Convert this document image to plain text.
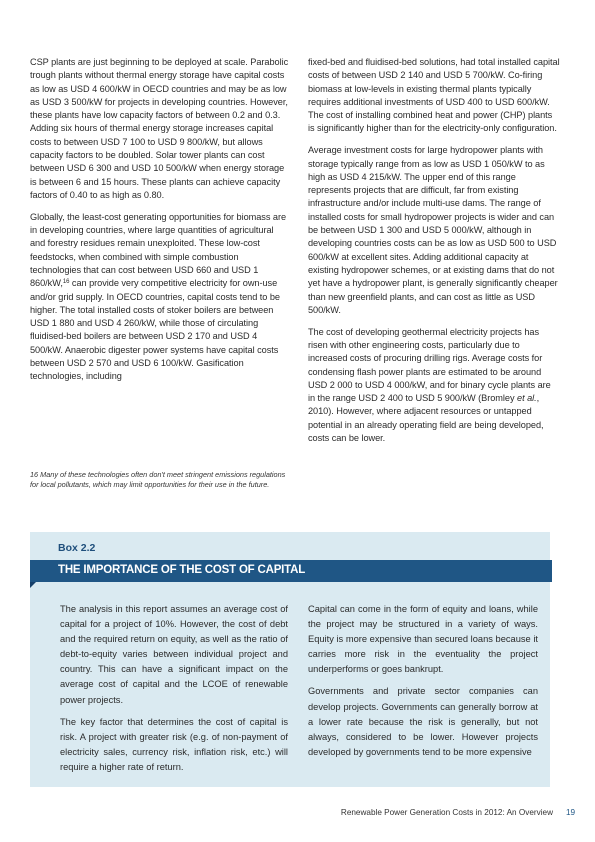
CSP plants are just beginning to be deployed at scale. Parabolic trough plants without thermal energy storage have capital costs as low as USD 4 600/kW in OECD countries and may be as low as USD 3 500/kW for projects in developing countries. However, these plants have low capacity factors of between 0.2 and 0.3. Adding six hours of thermal energy storage increases capital costs to between USD 7 100 to USD 9 800/kW, but allows capacity factors to be doubled. Solar tower plants can cost between USD 6 300 and USD 10 500/kW when energy storage is between 6 and 15 hours. These plants can achieve capacity factors of 0.40 to as high as 0.80.

Globally, the least-cost generating opportunities for biomass are in developing countries, where large quantities of agricultural and forestry residues remain unexploited. These low-cost feedstocks, when combined with simple combustion technologies that can cost between USD 660 and USD 1 860/kW,$^{16}$ can provide very competitive electricity for own-use and/or grid supply. In OECD countries, capital costs tend to be higher. The total installed costs of stoker boilers are between USD 1 880 and USD 4 260/kW, while those of circulating fluidised-bed boilers are between USD 2 170 and USD 4 500/kW. Anaerobic digester power systems have capital costs between USD 2 570 and USD 6 100/kW. Gasification technologies, including

16 Many of these technologies often don't meet stringent emissions regulations for local pollutants, which may limit opportunities for their use in the future.

fixed-bed and fluidised-bed solutions, had total installed capital costs of between USD 2 140 and USD 5 700/kW. Co-firing biomass at low-levels in existing thermal plants typically requires additional investments of USD 400 to USD 600/kW. The cost of installing combined heat and power (CHP) plants is significantly higher than for the electricity-only configuration.

Average investment costs for large hydropower plants with storage typically range from as low as USD 1 050/kW to as high as USD 4 215/kW. The upper end of this range represents projects that are difficult, far from existing infrastructure and/or include multi-use dams. The range of installed costs for small hydropower projects is wider and can be between USD 1 300 and USD 5 000/kW, although in developing countries costs can be as low as USD 500 to USD 600/kW at excellent sites. Adding additional capacity at existing hydropower schemes, or at existing dams that do not yet have a hydropower plant, is generally significantly cheaper than new greenfield plants, and can cost as little as USD 500/kW.

The cost of developing geothermal electricity projects has risen with other engineering costs, particularly due to increased costs of procuring drilling rigs. Average costs for condensing flash power plants are estimated to be around USD 2 000 to USD 4 000/kW, and for binary cycle plants are in the range USD 2 400 to USD 5 900/kW (Bromley et al., 2010). However, where adjacent resources or untapped potential in an already operating field are being developed, costs can be lower.

Box 2.2
THE IMPORTANCE OF THE COST OF CAPITAL

The analysis in this report assumes an average cost of capital for a project of 10%. However, the cost of debt and the required return on equity, as well as the ratio of debt-to-equity varies between individual project and country. This can have a significant impact on the average cost of capital and the LCOE of renewable power projects.

The key factor that determines the cost of capital is risk. A project with greater risk (e.g. of non-payment of electricity sales, currency risk, inflation risk, etc.) will require a higher rate of return.

Capital can come in the form of equity and loans, while the project may be structured in a variety of ways. Equity is more expensive than secured loans because it carries more risk in the eventuality the project underperforms or goes bankrupt.

Governments and private sector companies can develop projects. Governments can generally borrow at a lower rate because the risk is generally, but not always, considered to be lower. However projects developed by governments tend to be more expensive

Renewable Power Generation Costs in 2012: An Overview 19
